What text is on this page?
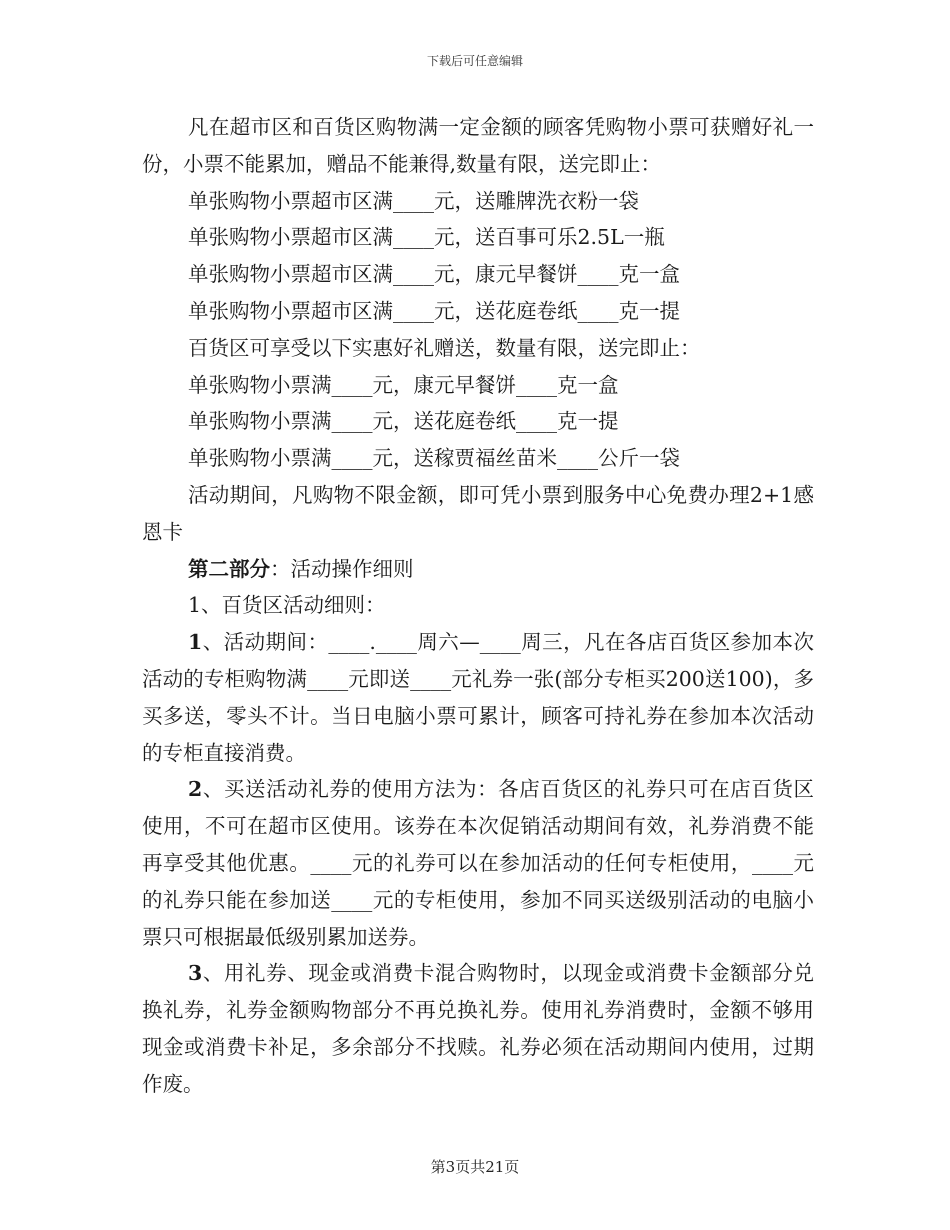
下载后可任意编辑

凡在超市区和百货区购物满一定金额的顾客凭购物小票可获赠好礼一份，小票不能累加，赠品不能兼得,数量有限，送完即止：

单张购物小票超市区满____元，送雕牌洗衣粉一袋

单张购物小票超市区满____元，送百事可乐2.5L一瓶

单张购物小票超市区满____元，康元早餐饼____克一盒

单张购物小票超市区满____元，送花庭卷纸____克一提

百货区可享受以下实惠好礼赠送，数量有限，送完即止：

单张购物小票满____元，康元早餐饼____克一盒

单张购物小票满____元，送花庭卷纸____克一提

单张购物小票满____元，送稼贾福丝苗米____公斤一袋

活动期间，凡购物不限金额，即可凭小票到服务中心免费办理2+1感恩卡

第二部分：活动操作细则

1、百货区活动细则：

1、活动期间：____.____周六—____周三，凡在各店百货区参加本次活动的专柜购物满____元即送____元礼券一张(部分专柜买200送100)，多买多送，零头不计。当日电脑小票可累计，顾客可持礼券在参加本次活动的专柜直接消费。

2、买送活动礼券的使用方法为：各店百货区的礼券只可在店百货区使用，不可在超市区使用。该券在本次促销活动期间有效，礼券消费不能再享受其他优惠。____元的礼券可以在参加活动的任何专柜使用，____元的礼券只能在参加送____元的专柜使用，参加不同买送级别活动的电脑小票只可根据最低级别累加送券。

3、用礼券、现金或消费卡混合购物时，以现金或消费卡金额部分兑换礼券，礼券金额购物部分不再兑换礼券。使用礼券消费时，金额不够用现金或消费卡补足，多余部分不找赎。礼券必须在活动期间内使用，过期作废。

第3页共21页
